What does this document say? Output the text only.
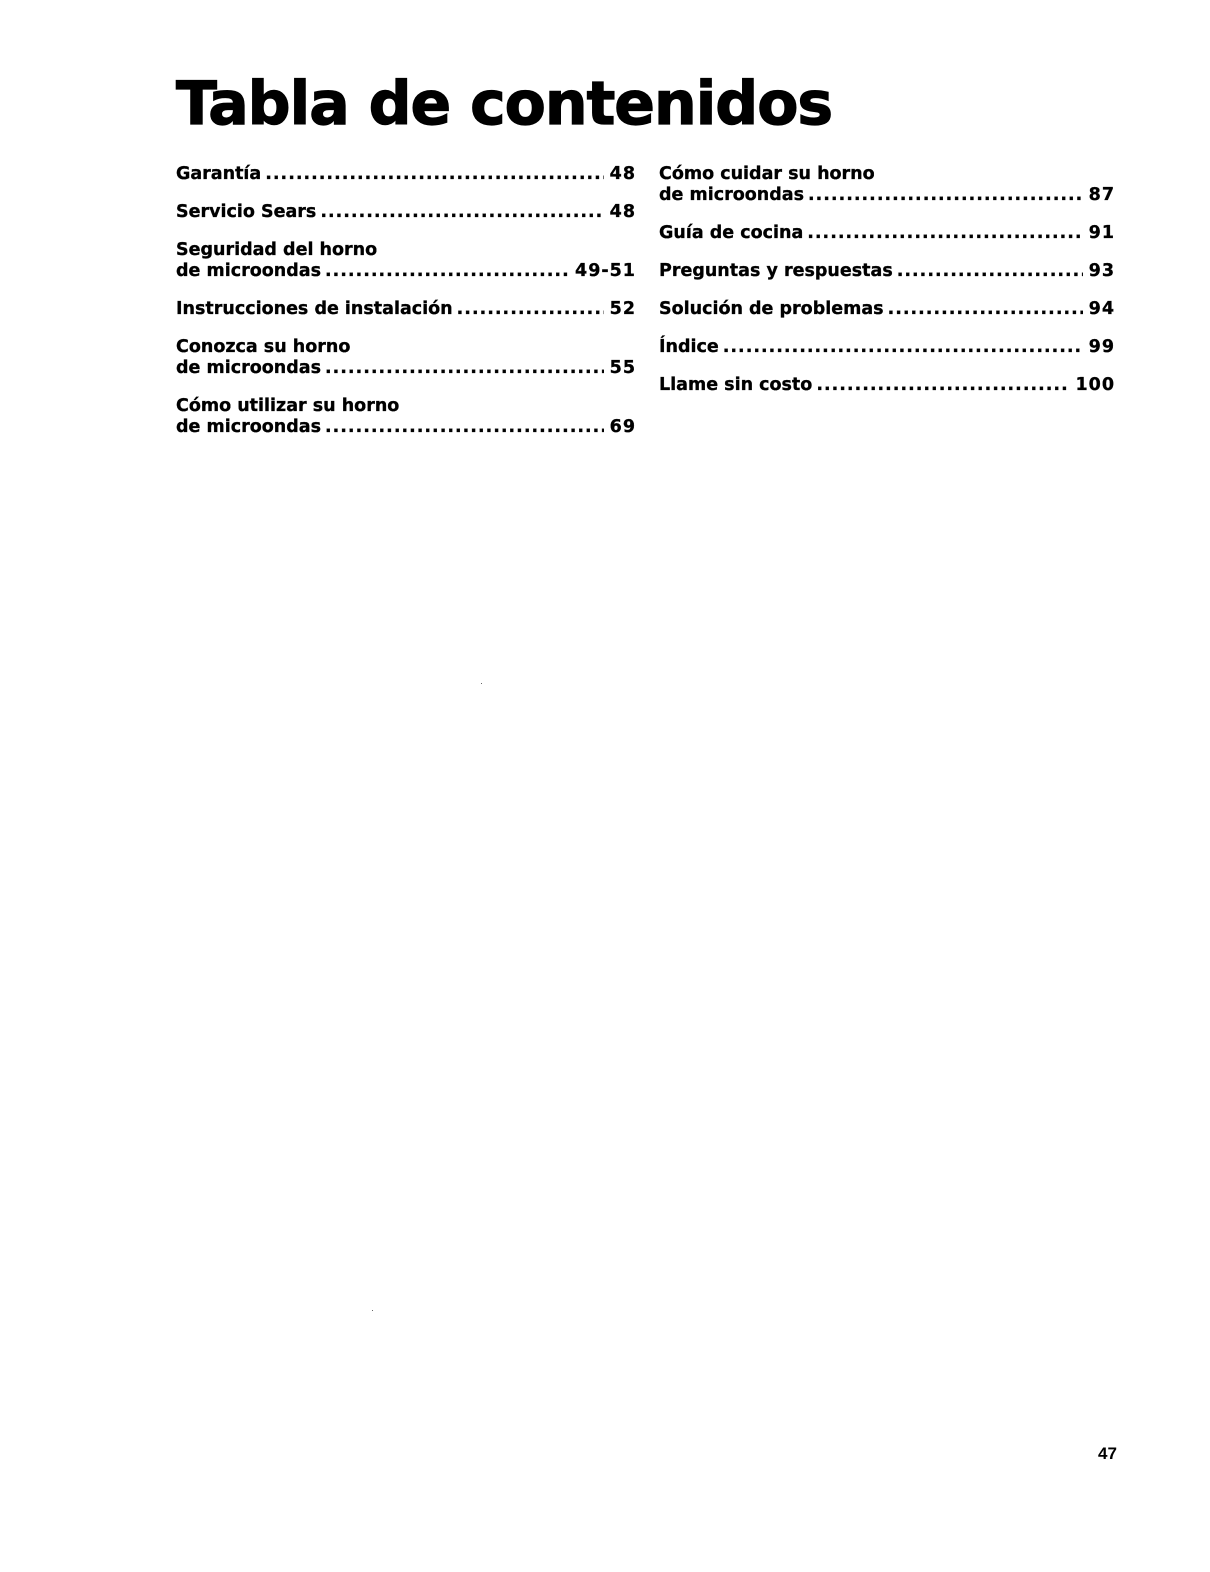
Tabla de contenidos
Garantía .....	48
Servicio Sears .....	48
Seguridad del horno
de microondas .....	49-51
Instrucciones de instalación .....	52
Conozca su horno
de microondas .....	55
Cómo utilizar su horno
de microondas .....	69
Cómo cuidar su horno
de microondas .....	87
Guía de cocina .....	91
Preguntas y respuestas .....	93
Solución de problemas .....	94
Índice .....	99
Llame sin costo .....	100
47
